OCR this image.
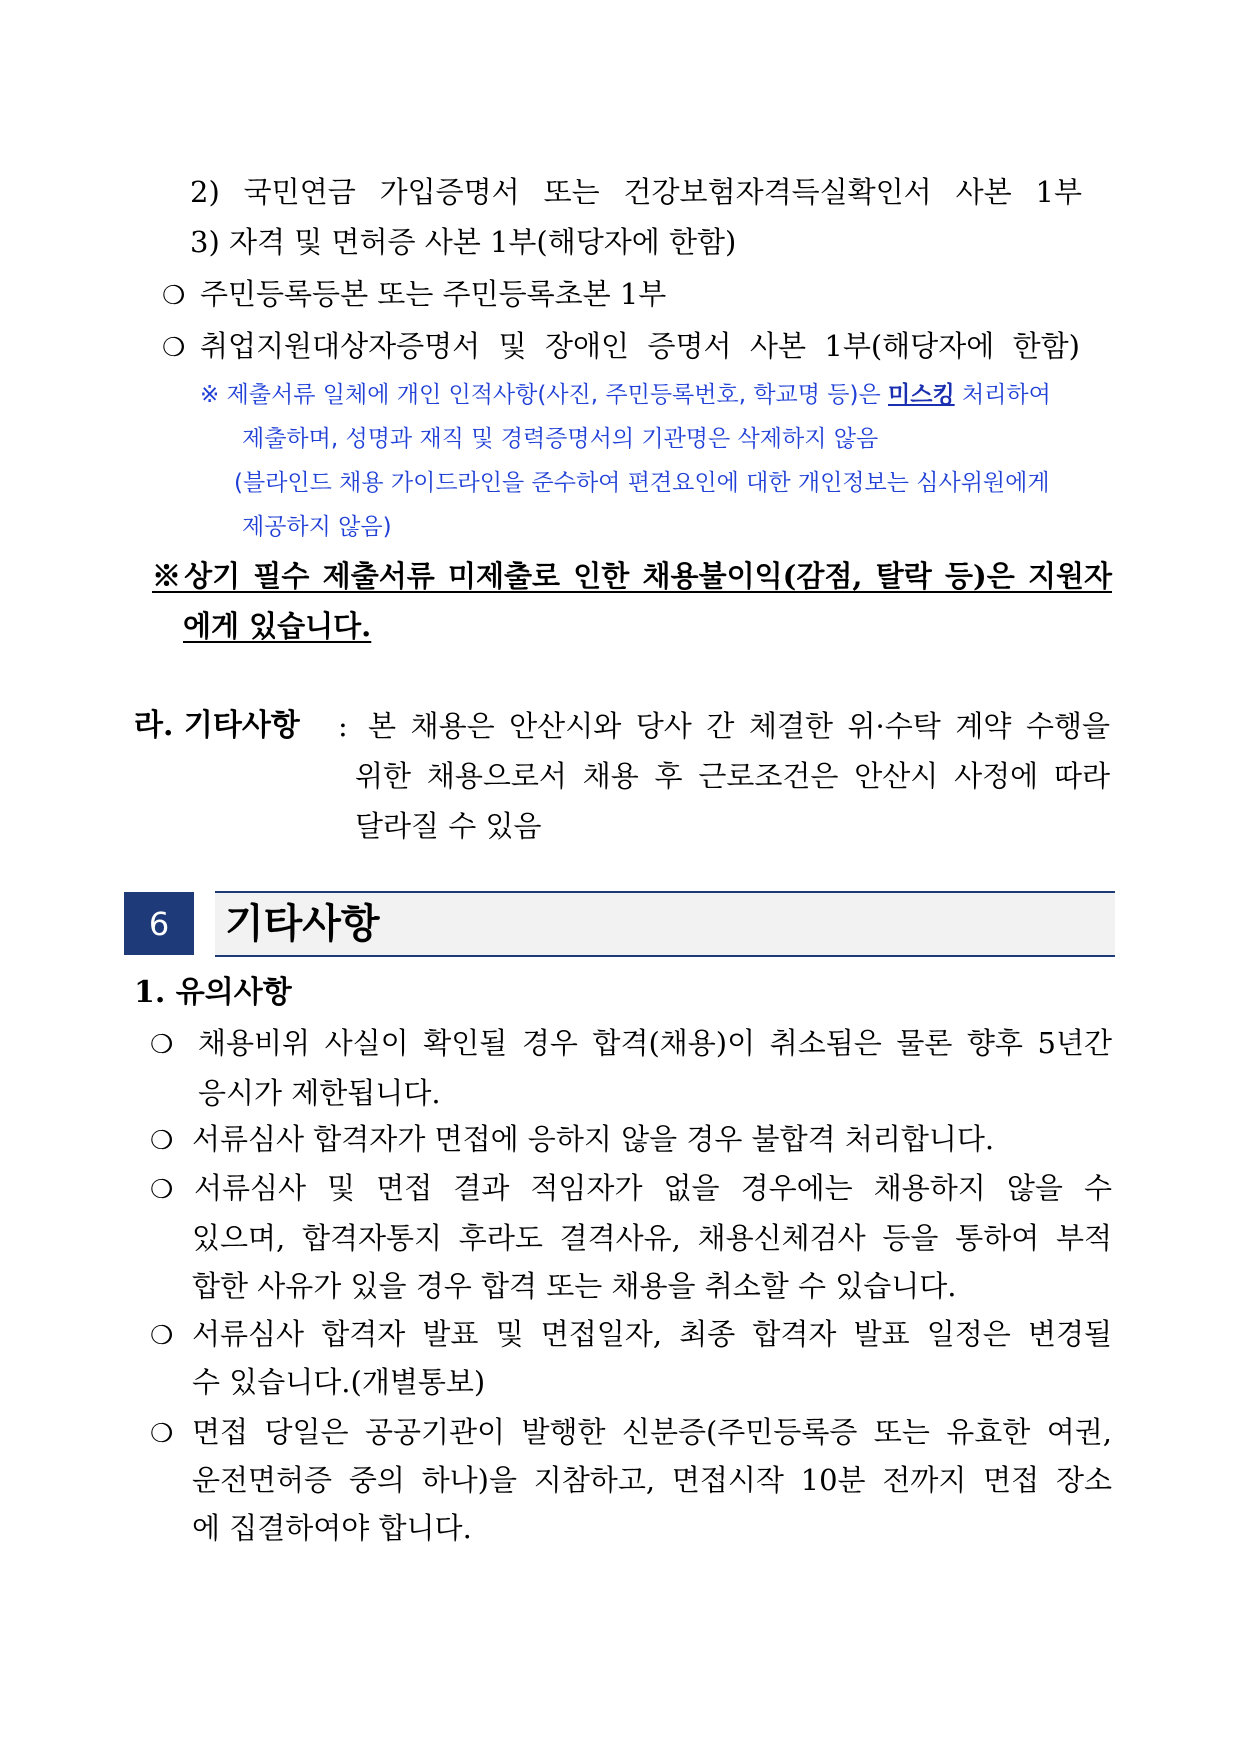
2) 국민연금 가입증명서 또는 건강보험자격득실확인서 사본 1부
3) 자격 및 면허증 사본 1부(해당자에 한함)
❍ 주민등록등본 또는 주민등록초본 1부
❍ 취업지원대상자증명서 및 장애인 증명서 사본 1부(해당자에 한함)
※ 제출서류 일체에 개인 인적사항(사진, 주민등록번호, 학교명 등)은 미스킹 처리하여
제출하며, 성명과 재직 및 경력증명서의 기관명은 삭제하지 않음
(블라인드 채용 가이드라인을 준수하여 편견요인에 대한 개인정보는 심사위원에게
제공하지 않음)
※상기 필수 제출서류 미제출로 인한 채용불이익(감점, 탈락 등)은 지원자
에게 있습니다.
라. 기타사항 : 본 채용은 안산시와 당사 간 체결한 위·수탁 계약 수행을
위한 채용으로서 채용 후 근로조건은 안산시 사정에 따라
달라질 수 있음
6	기타사항
1. 유의사항
❍ 채용비위 사실이 확인될 경우 합격(채용)이 취소됨은 물론 향후 5년간
응시가 제한됩니다.
❍ 서류심사 합격자가 면접에 응하지 않을 경우 불합격 처리합니다.
❍ 서류심사 및 면접 결과 적임자가 없을 경우에는 채용하지 않을 수
있으며, 합격자통지 후라도 결격사유, 채용신체검사 등을 통하여 부적
합한 사유가 있을 경우 합격 또는 채용을 취소할 수 있습니다.
❍ 서류심사 합격자 발표 및 면접일자, 최종 합격자 발표 일정은 변경될
수 있습니다.(개별통보)
❍ 면접 당일은 공공기관이 발행한 신분증(주민등록증 또는 유효한 여권,
운전면허증 중의 하나)을 지참하고, 면접시작 10분 전까지 면접 장소
에 집결하여야 합니다.
